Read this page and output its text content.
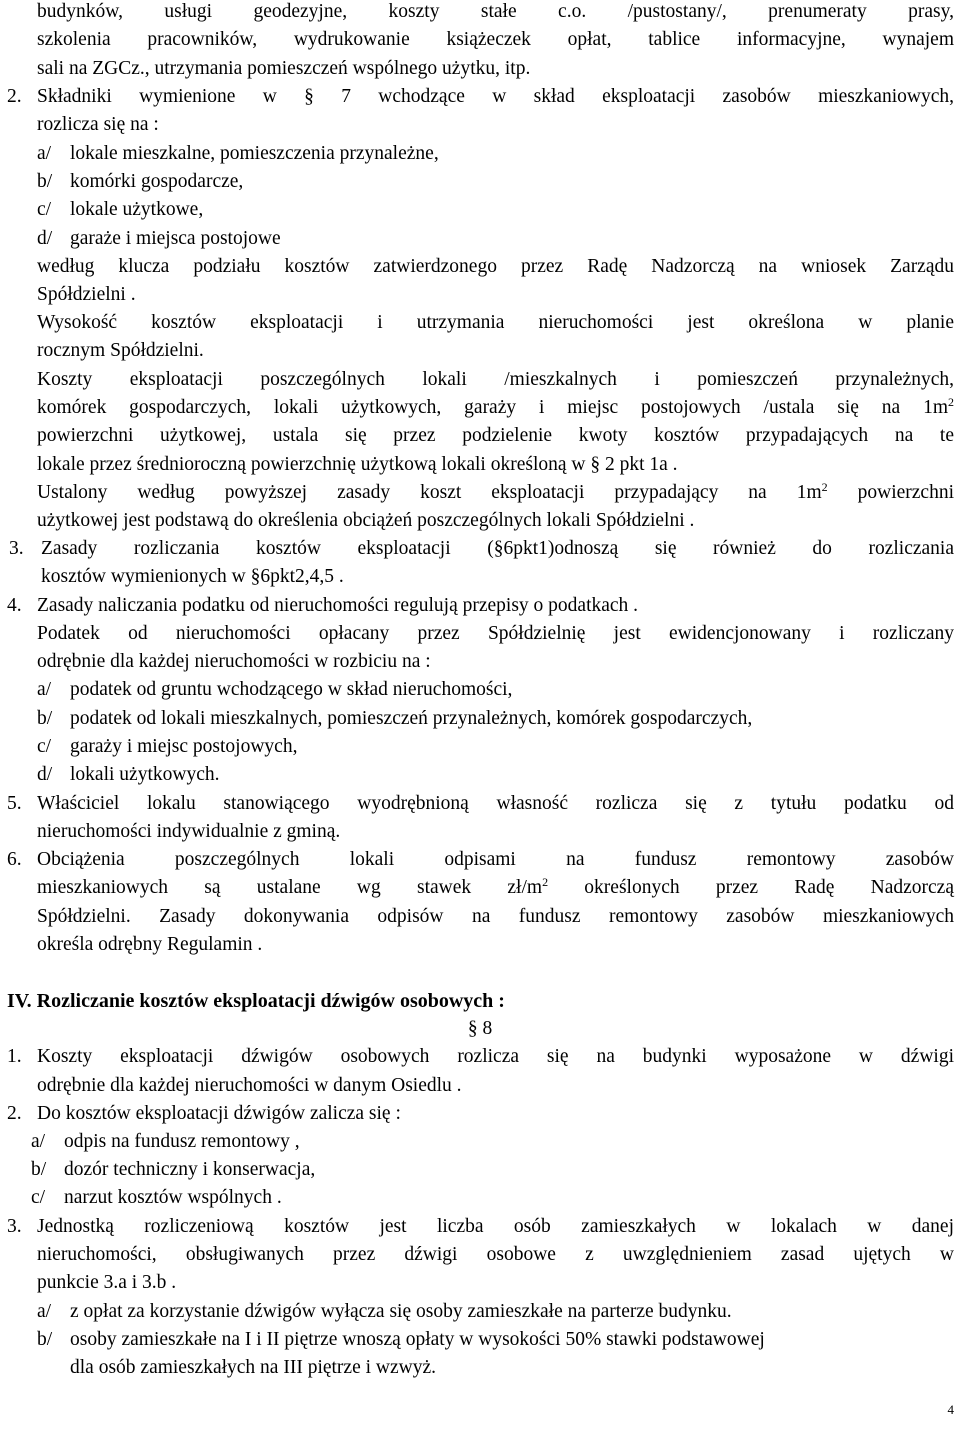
budynków, usługi geodezyjne, koszty stałe c.o. /pustostany/, prenumeraty prasy,
szkolenia pracowników, wydrukowanie książeczek opłat, tablice informacyjne, wynajem
sali na ZGCz., utrzymania pomieszczeń wspólnego użytku, itp.
2. Składniki wymienione w § 7 wchodzące w skład eksploatacji zasobów mieszkaniowych,
rozlicza się na :
a/ lokale mieszkalne, pomieszczenia przynależne,
b/ komórki gospodarcze,
c/ lokale użytkowe,
d/ garaże i miejsca postojowe
według klucza podziału kosztów zatwierdzonego przez Radę Nadzorczą na wniosek Zarządu
Spółdzielni .
Wysokość kosztów eksploatacji i utrzymania nieruchomości jest określona w planie
rocznym Spółdzielni.
Koszty eksploatacji poszczególnych lokali /mieszkalnych i pomieszczeń przynależnych,
komórek gospodarczych, lokali użytkowych, garaży i miejsc postojowych /ustala się na $1m^2$
powierzchni użytkowej, ustala się przez podzielenie kwoty kosztów przypadających na te
lokale przez średnioroczną powierzchnię użytkową lokali określoną w § 2 pkt 1a .
Ustalony według powyższej zasady koszt eksploatacji przypadający na $1m^2$ powierzchni
użytkowej jest podstawą do określenia obciążeń poszczególnych lokali Spółdzielni .
3. Zasady rozliczania kosztów eksploatacji (§6pkt1)odnoszą się również do rozliczania
kosztów wymienionych w §6pkt2,4,5 .
4. Zasady naliczania podatku od nieruchomości regulują przepisy o podatkach .
Podatek od nieruchomości opłacany przez Spółdzielnię jest ewidencjonowany i rozliczany
odrębnie dla każdej nieruchomości w rozbiciu na :
a/ podatek od gruntu wchodzącego w skład nieruchomości,
b/ podatek od lokali mieszkalnych, pomieszczeń przynależnych, komórek gospodarczych,
c/ garaży i miejsc postojowych,
d/ lokali użytkowych.
5. Właściciel lokalu stanowiącego wyodrębnioną własność rozlicza się z tytułu podatku od
nieruchomości indywidualnie z gminą.
6. Obciążenia poszczególnych lokali odpisami na fundusz remontowy zasobów
mieszkaniowych są ustalane wg stawek $zł/m^2$ określonych przez Radę Nadzorczą
Spółdzielni. Zasady dokonywania odpisów na fundusz remontowy zasobów mieszkaniowych
określa odrębny Regulamin .
IV. Rozliczanie kosztów eksploatacji dźwigów osobowych :
§ 8
1. Koszty eksploatacji dźwigów osobowych rozlicza się na budynki wyposażone w dźwigi
odrębnie dla każdej nieruchomości w danym Osiedlu .
2. Do kosztów eksploatacji dźwigów zalicza się :
a/ odpis na fundusz remontowy ,
b/ dozór techniczny i konserwacja,
c/ narzut kosztów wspólnych .
3. Jednostką rozliczeniową kosztów jest liczba osób zamieszkałych w lokalach w danej
nieruchomości, obsługiwanych przez dźwigi osobowe z uwzględnieniem zasad ujętych w
punkcie 3.a i 3.b .
a/ z opłat za korzystanie dźwigów wyłącza się osoby zamieszkałe na parterze budynku.
b/ osoby zamieszkałe na I i II piętrze wnoszą opłaty w wysokości 50% stawki podstawowej
dla osób zamieszkałych na III piętrze i wzwyż.
4
